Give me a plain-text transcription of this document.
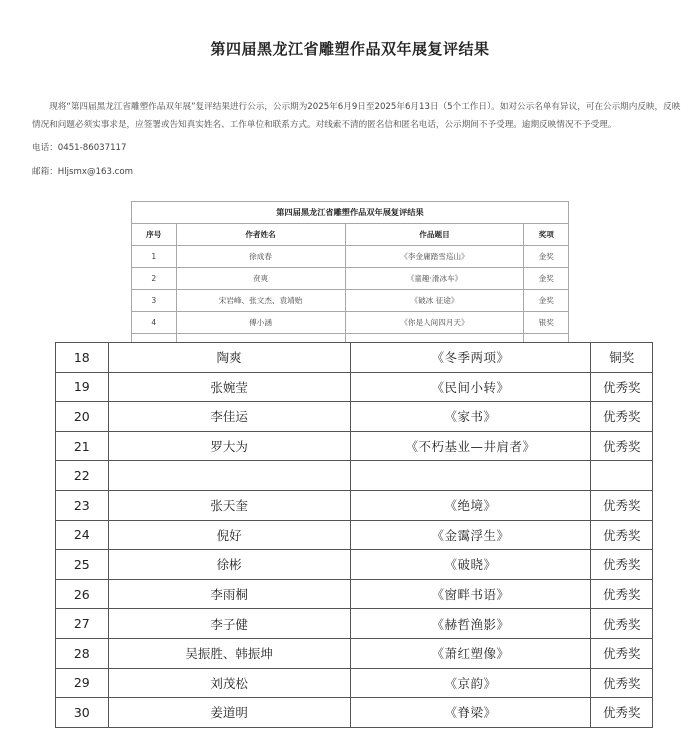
第四届黑龙江省雕塑作品双年展复评结果
现将“第四届黑龙江省雕塑作品双年展”复评结果进行公示，公示期为2025年6月9日至2025年6月13日（5个工作日）。如对公示名单有异议，可在公示期内反映，反映情况和问题必须实事求是，应签署或告知真实姓名、工作单位和联系方式。对线索不清的匿名信和匿名电话，公示期间不予受理。逾期反映情况不予受理。
电话：0451-86037117
邮箱：Hljsmx@163.com
第四届黑龙江省雕塑作品双年展复评结果			
序号	作者姓名	作品题目	奖项
1	徐成春	《李金庸踏雪巡山》	金奖
2	贲爽	《童趣·滑冰车》	金奖
3	宋岩峰、张文杰、袁靖贻	《破冰 征途》	金奖
4	傅小涵	《你是人间四月天》	银奖

18	陶爽	《冬季两项》	铜奖
19	张婉莹	《民间小转》	优秀奖
20	李佳运	《家书》	优秀奖
21	罗大为	《不朽基业—井肩者》	优秀奖
22			
23	张天奎	《绝境》	优秀奖
24	倪好	《金霭浮生》	优秀奖
25	徐彬	《破晓》	优秀奖
26	李雨桐	《窗畔书语》	优秀奖
27	李子健	《赫哲渔影》	优秀奖
28	吴振胜、韩振坤	《萧红塑像》	优秀奖
29	刘茂松	《京韵》	优秀奖
30	姜道明	《脊梁》	优秀奖
